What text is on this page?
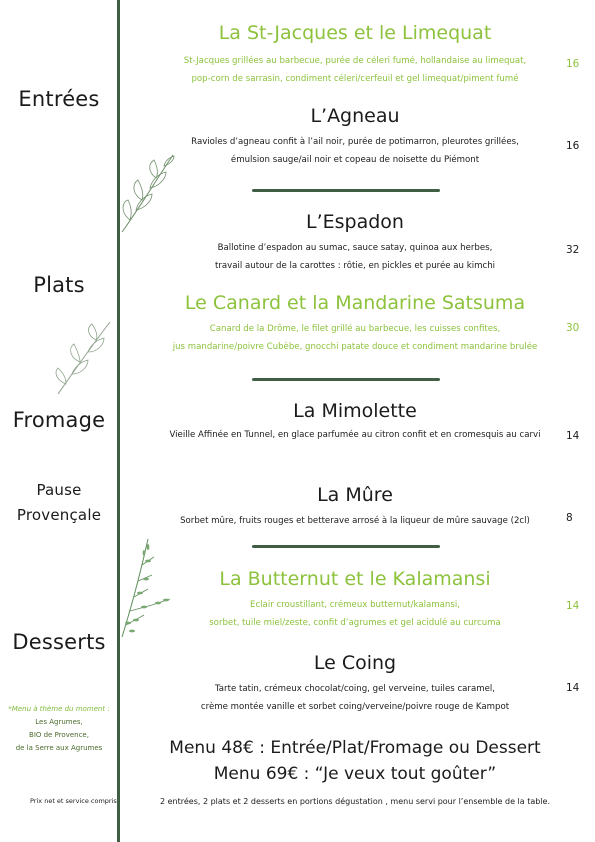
Entrées
Plats
Fromage
Pause
Provençale
Desserts
*Menu à thème du moment :
Les Agrumes,
BIO de Provence,
de la Serre aux Agrumes
Prix net et service compris
La St-Jacques et le Limequat
St-Jacques grillées au barbecue, purée de céleri fumé, hollandaise au limequat,
pop-corn de sarrasin, condiment céleri/cerfeuil et gel limequat/piment fumé
16
L’Agneau
Ravioles d’agneau confit à l’ail noir, purée de potimarron, pleurotes grillées,
émulsion sauge/ail noir et copeau de noisette du Piémont
16
L’Espadon
Ballotine d’espadon au sumac, sauce satay, quinoa aux herbes,
travail autour de la carottes : rôtie, en pickles et purée au kimchi
32
Le Canard et la Mandarine Satsuma
Canard de la Drôme, le filet grillé au barbecue, les cuisses confites,
jus mandarine/poivre Cubèbe, gnocchi patate douce et condiment mandarine brulée
30
La Mimolette
Vieille Affinée en Tunnel, en glace parfumée au citron confit et en cromesquis au carvi	14
La Mûre
Sorbet mûre, fruits rouges et betterave arrosé à la liqueur de mûre sauvage (2cl)	8
La Butternut et le Kalamansi
Eclair croustillant, crémeux butternut/kalamansi,
sorbet, tuile miel/zeste, confit d’agrumes et gel acidulé au curcuma
14
Le Coing
Tarte tatin, crémeux chocolat/coing, gel verveine, tuiles caramel,
crème montée vanille et sorbet coing/verveine/poivre rouge de Kampot
14
Menu 48€ : Entrée/Plat/Fromage ou Dessert
Menu 69€ : “Je veux tout goûter”
2 entrées, 2 plats et 2 desserts en portions dégustation , menu servi pour l’ensemble de la table.
